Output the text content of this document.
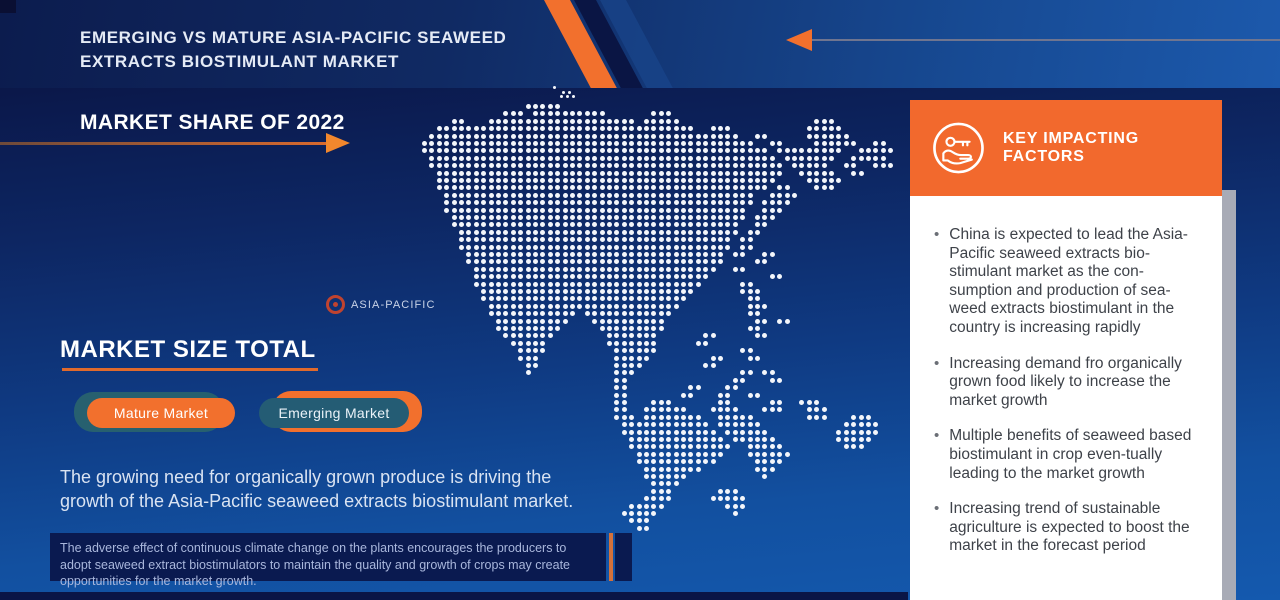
EMERGING VS MATURE ASIA-PACIFIC SEAWEED
EXTRACTS BIOSTIMULANT MARKET
ASIA-PACIFIC
MARKET SHARE OF 2022
MARKET SIZE TOTAL
Mature Market	Emerging Market
The growing need for organically grown produce is driving the growth of the Asia-Pacific seaweed extracts biostimulant market.
The adverse effect of continuous climate change on the plants encourages the producers to adopt seaweed extract biostimulators to maintain the quality and growth of crops may create opportunities for the market growth.
KEY IMPACTING FACTORS
• China is expected to lead the Asia-Pacific seaweed extracts bio-stimulant market as the con-sumption and production of sea-weed extracts biostimulant in the country is increasing rapidly
• Increasing demand fro organically grown food likely to increase the market growth
• Multiple benefits of seaweed based biostimulant in crop even-tually leading to the market growth
• Increasing trend of sustainable agriculture is expected to boost the market in the forecast period
